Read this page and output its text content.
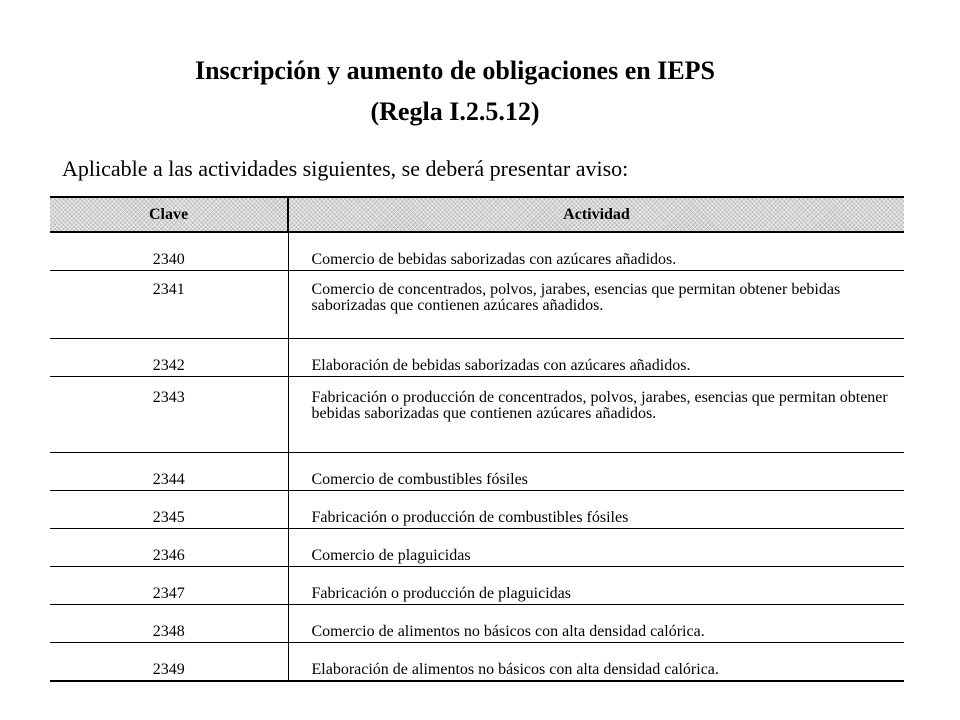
Inscripción y aumento de obligaciones en IEPS
(Regla I.2.5.12)
Aplicable a las actividades siguientes, se deberá presentar aviso:
Clave	Actividad
2340	Comercio de bebidas saborizadas con azúcares añadidos.
2341	Comercio de concentrados, polvos, jarabes, esencias que permitan obtener bebidas saborizadas que contienen azúcares añadidos.
2342	Elaboración de bebidas saborizadas con azúcares añadidos.
2343	Fabricación o producción de concentrados, polvos, jarabes, esencias que permitan obtener bebidas saborizadas que contienen azúcares añadidos.
2344	Comercio de combustibles fósiles
2345	Fabricación o producción de combustibles fósiles
2346	Comercio de plaguicidas
2347	Fabricación o producción de plaguicidas
2348	Comercio de alimentos no básicos con alta densidad calórica.
2349	Elaboración de alimentos no básicos con alta densidad calórica.
